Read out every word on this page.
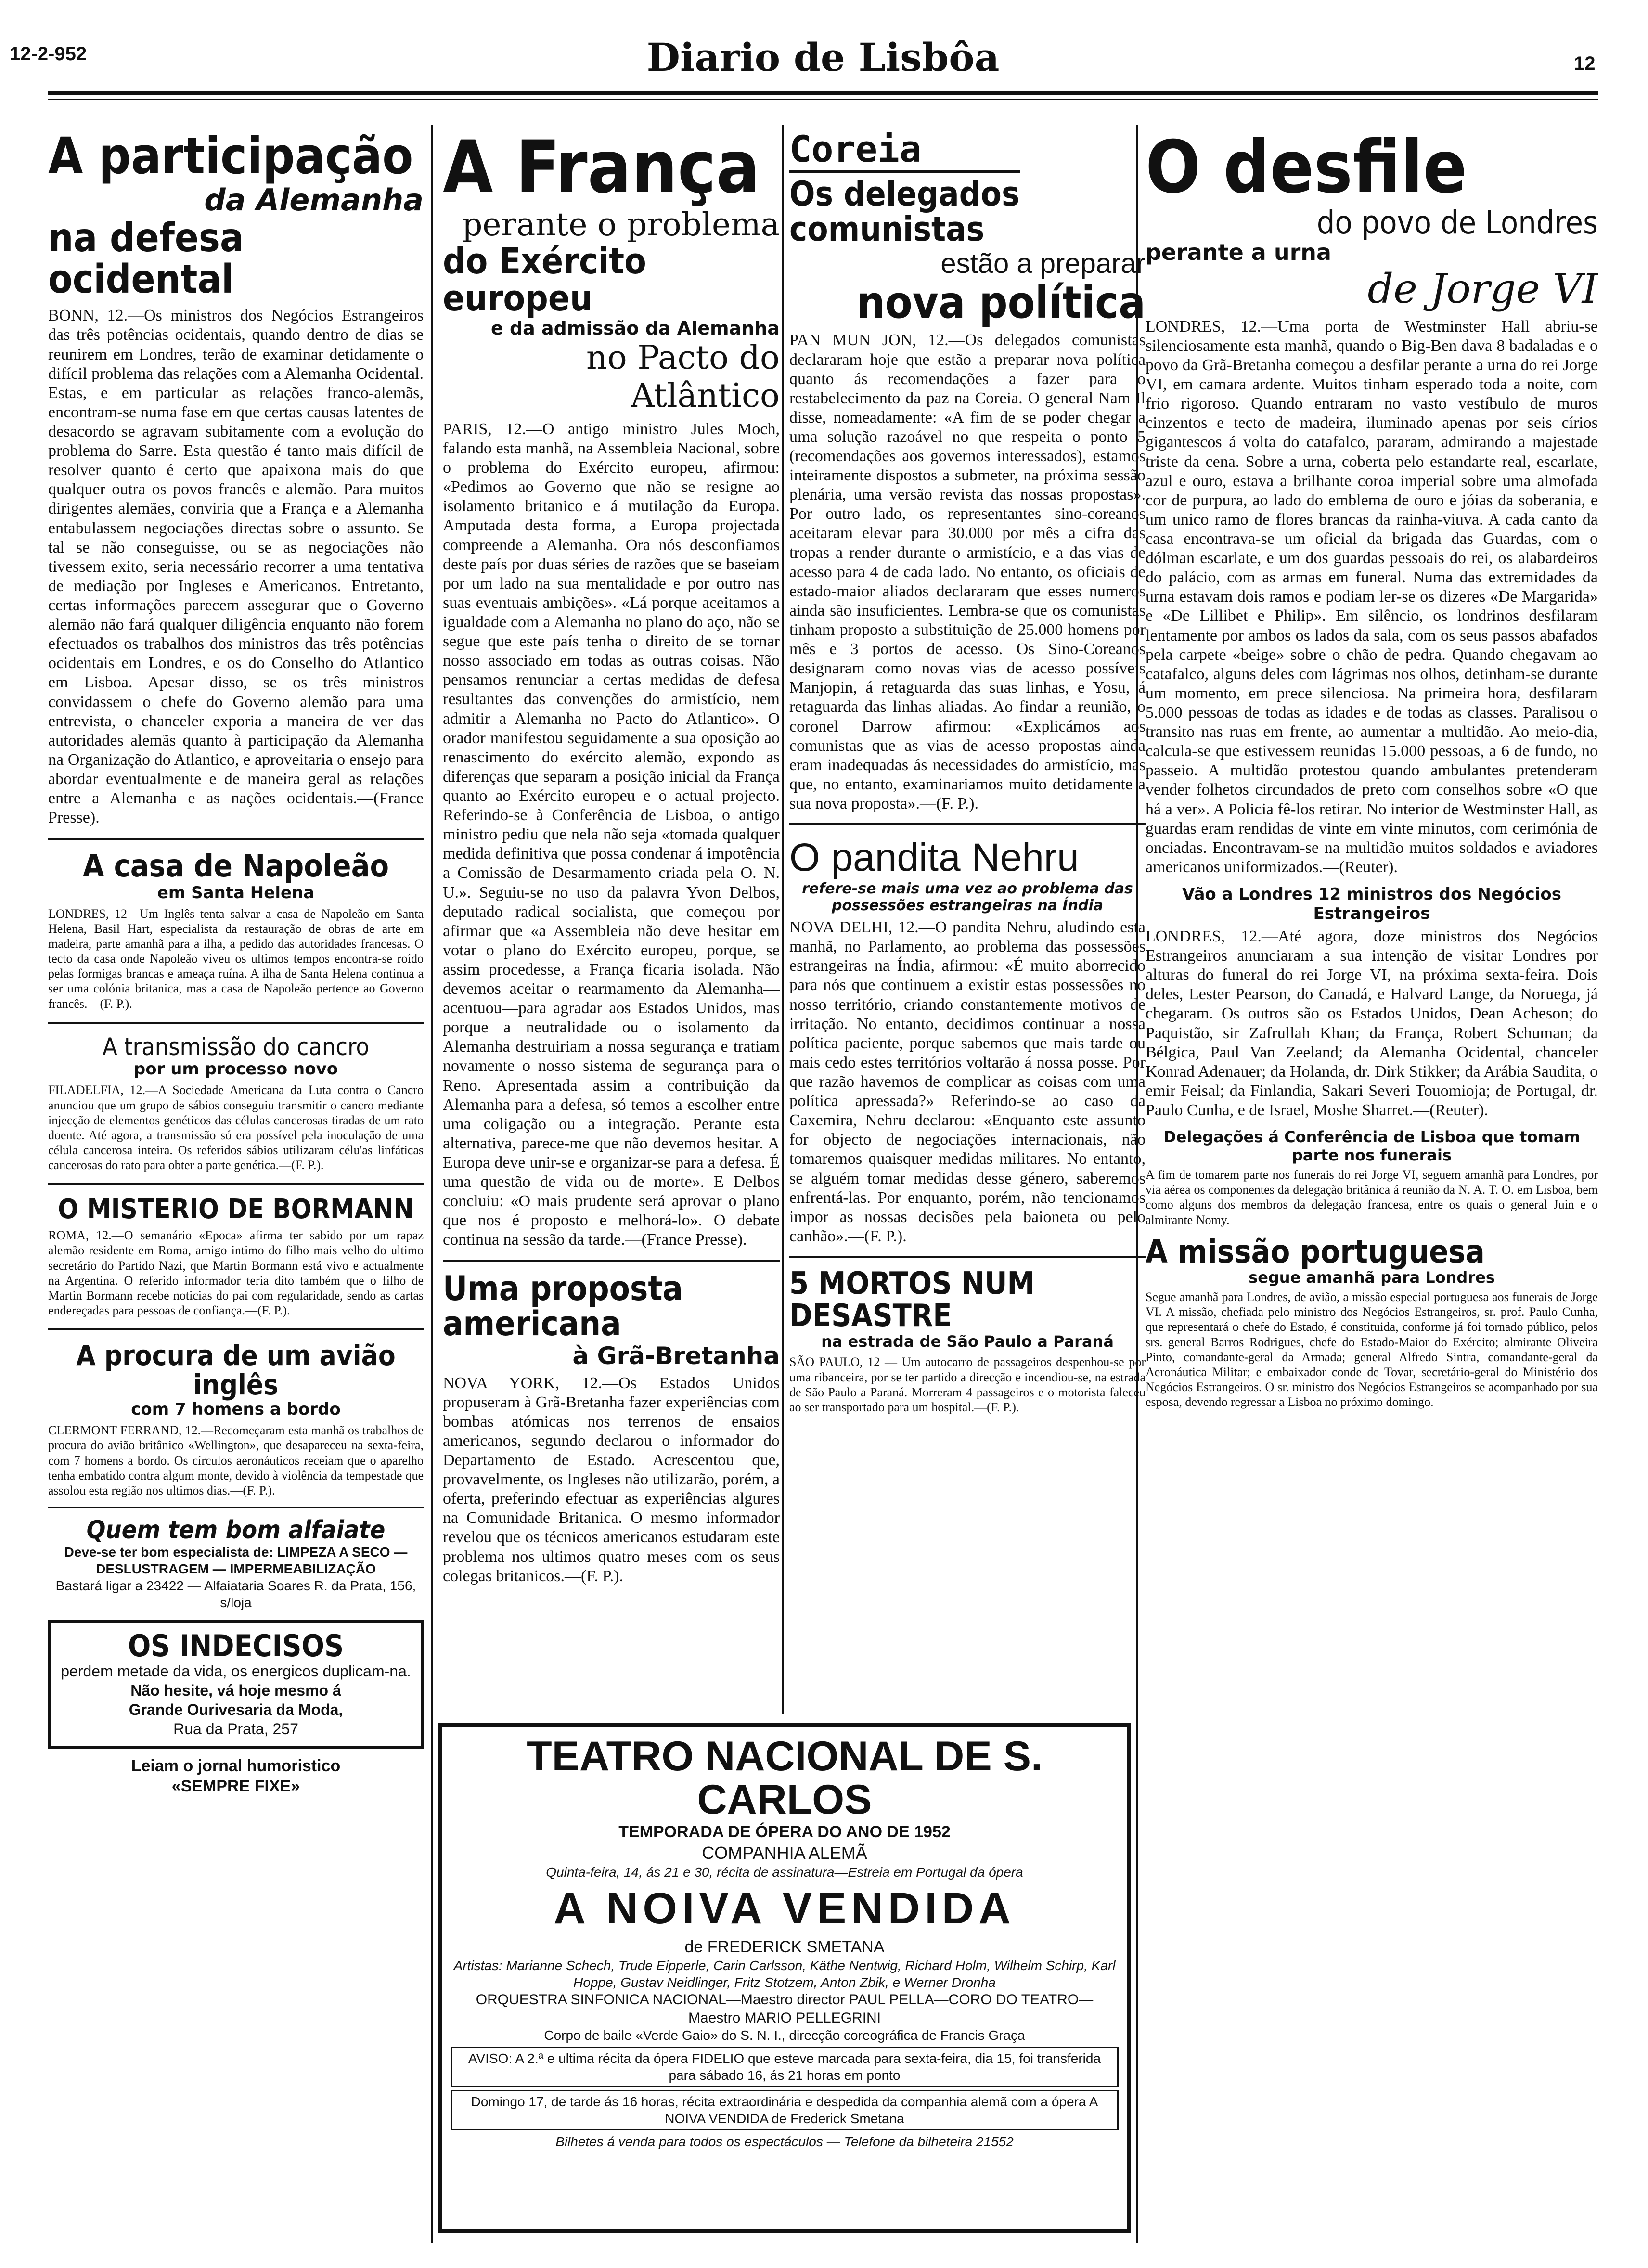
12-2-952	Diario de Lisbôa	12
A participação
da Alemanha
na defesa ocidental

BONN, 12.—Os ministros dos Negócios Estrangeiros das três potências ocidentais, quando dentro de dias se reunirem em Londres, terão de examinar detidamente o difícil problema das relações com a Alemanha Ocidental. Estas, e em particular as relações franco-alemãs, encontram-se numa fase em que certas causas latentes de desacordo se agravam subitamente com a evolução do problema do Sarre. Esta questão é tanto mais difícil de resolver quanto é certo que apaixona mais do que qualquer outra os povos francês e alemão. Para muitos dirigentes alemães, conviria que a França e a Alemanha entabulassem negociações directas sobre o assunto. Se tal se não conseguisse, ou se as negociações não tivessem exito, seria necessário recorrer a uma tentativa de mediação por Ingleses e Americanos. Entretanto, certas informações parecem assegurar que o Governo alemão não fará qualquer diligência enquanto não forem efectuados os trabalhos dos ministros das três potências ocidentais em Londres, e os do Conselho do Atlantico em Lisboa. Apesar disso, se os três ministros convidassem o chefe do Governo alemão para uma entrevista, o chanceler exporia a maneira de ver das autoridades alemãs quanto à participação da Alemanha na Organização do Atlantico, e aproveitaria o ensejo para abordar eventualmente e de maneira geral as relações entre a Alemanha e as nações ocidentais.—(France Presse).

A casa de Napoleão
em Santa Helena

LONDRES, 12—Um Inglês tenta salvar a casa de Napoleão em Santa Helena, Basil Hart, especialista da restauração de obras de arte em madeira, parte amanhã para a ilha, a pedido das autoridades francesas. O tecto da casa onde Napoleão viveu os ultimos tempos encontra-se roído pelas formigas brancas e ameaça ruína. A ilha de Santa Helena continua a ser uma colónia britanica, mas a casa de Napoleão pertence ao Governo francês.—(F. P.).

A transmissão do cancro
por um processo novo

FILADELFIA, 12.—A Sociedade Americana da Luta contra o Cancro anunciou que um grupo de sábios conseguiu transmitir o cancro mediante injecção de elementos genéticos das células cancerosas tiradas de um rato doente. Até agora, a transmissão só era possível pela inoculação de uma célula cancerosa inteira. Os referidos sábios utilizaram célu'as linfáticas cancerosas do rato para obter a parte genética.—(F. P.).

O MISTERIO DE BORMANN

ROMA, 12.—O semanário «Epoca» afirma ter sabido por um rapaz alemão residente em Roma, amigo intimo do filho mais velho do ultimo secretário do Partido Nazi, que Martin Bormann está vivo e actualmente na Argentina. O referido informador teria dito também que o filho de Martin Bormann recebe noticias do pai com regularidade, sendo as cartas endereçadas para pessoas de confiança.—(F. P.).

A procura de um avião inglês
com 7 homens a bordo

CLERMONT FERRAND, 12.—Recomeçaram esta manhã os trabalhos de procura do avião britânico «Wellington», que desapareceu na sexta-feira, com 7 homens a bordo. Os círculos aeronáuticos receiam que o aparelho tenha embatido contra algum monte, devido à violência da tempestade que assolou esta região nos ultimos dias.—(F. P.).

Quem tem bom alfaiate
Deve-se ter bom especialista de: LIMPEZA A SECO — DESLUSTRAGEM — IMPERMEABILIZAÇÃO
Bastará ligar a 23422 — Alfaiataria Soares R. da Prata, 156, s/loja
OS INDECISOS
perdem metade da vida, os energicos duplicam-na.
Não hesite, vá hoje mesmo á
Grande Ourivesaria da Moda,
Rua da Prata, 257
Leiam o jornal humoristico
«SEMPRE FIXE»
A França
perante o problema
do Exército europeu
e da admissão da Alemanha
no Pacto do Atlântico

PARIS, 12.—O antigo ministro Jules Moch, falando esta manhã, na Assembleia Nacional, sobre o problema do Exército europeu, afirmou: «Pedimos ao Governo que não se resigne ao isolamento britanico e á mutilação da Europa. Amputada desta forma, a Europa projectada compreende a Alemanha. Ora nós desconfiamos deste país por duas séries de razões que se baseiam por um lado na sua mentalidade e por outro nas suas eventuais ambições». «Lá porque aceitamos a igualdade com a Alemanha no plano do aço, não se segue que este país tenha o direito de se tornar nosso associado em todas as outras coisas. Não pensamos renunciar a certas medidas de defesa resultantes das convenções do armistício, nem admitir a Alemanha no Pacto do Atlantico». O orador manifestou seguidamente a sua oposição ao renascimento do exército alemão, expondo as diferenças que separam a posição inicial da França quanto ao Exército europeu e o actual projecto. Referindo-se à Conferência de Lisboa, o antigo ministro pediu que nela não seja «tomada qualquer medida definitiva que possa condenar á impotência a Comissão de Desarmamento criada pela O. N. U.». Seguiu-se no uso da palavra Yvon Delbos, deputado radical socialista, que começou por afirmar que «a Assembleia não deve hesitar em votar o plano do Exército europeu, porque, se assim procedesse, a França ficaria isolada. Não devemos aceitar o rearmamento da Alemanha—acentuou—para agradar aos Estados Unidos, mas porque a neutralidade ou o isolamento da Alemanha destruiriam a nossa segurança e tratiam novamente o nosso sistema de segurança para o Reno. Apresentada assim a contribuição da Alemanha para a defesa, só temos a escolher entre uma coligação ou a integração. Perante esta alternativa, parece-me que não devemos hesitar. A Europa deve unir-se e organizar-se para a defesa. É uma questão de vida ou de morte». E Delbos concluiu: «O mais prudente será aprovar o plano que nos é proposto e melhorá-lo». O debate continua na sessão da tarde.—(France Presse).

Uma proposta americana
à Grã-Bretanha

NOVA YORK, 12.—Os Estados Unidos propuseram à Grã-Bretanha fazer experiências com bombas atómicas nos terrenos de ensaios americanos, segundo declarou o informador do Departamento de Estado. Acrescentou que, provavelmente, os Ingleses não utilizarão, porém, a oferta, preferindo efectuar as experiências algures na Comunidade Britanica. O mesmo informador revelou que os técnicos americanos estudaram este problema nos ultimos quatro meses com os seus colegas britanicos.—(F. P.).

Coreia
Os delegados comunistas
estão a preparar
nova política

PAN MUN JON, 12.—Os delegados comunistas declararam hoje que estão a preparar nova política quanto ás recomendações a fazer para o restabelecimento da paz na Coreia. O general Nam Il disse, nomeadamente: «A fim de se poder chegar a uma solução razoável no que respeita o ponto 5 (recomendações aos governos interessados), estamos inteiramente dispostos a submeter, na próxima sessão plenária, uma versão revista das nossas propostas». Por outro lado, os representantes sino-coreanos aceitaram elevar para 30.000 por mês a cifra das tropas a render durante o armistício, e a das vias de acesso para 4 de cada lado. No entanto, os oficiais de estado-maior aliados declararam que esses numeros ainda são insuficientes. Lembra-se que os comunistas tinham proposto a substituição de 25.000 homens por mês e 3 portos de acesso. Os Sino-Coreanos designaram como novas vias de acesso possíveis Manjopin, á retaguarda das suas linhas, e Yosu, á retaguarda das linhas aliadas. Ao findar a reunião, o coronel Darrow afirmou: «Explicámos aos comunistas que as vias de acesso propostas ainda eram inadequadas ás necessidades do armistício, mas que, no entanto, examinariamos muito detidamente a sua nova proposta».—(F. P.).

O pandita Nehru
refere-se mais uma vez ao problema das possessões estrangeiras na Índia

NOVA DELHI, 12.—O pandita Nehru, aludindo esta manhã, no Parlamento, ao problema das possessões estrangeiras na Índia, afirmou: «É muito aborrecido para nós que continuem a existir estas possessões no nosso território, criando constantemente motivos de irritação. No entanto, decidimos continuar a nossa política paciente, porque sabemos que mais tarde ou mais cedo estes territórios voltarão á nossa posse. Por que razão havemos de complicar as coisas com uma política apressada?» Referindo-se ao caso da Caxemira, Nehru declarou: «Enquanto este assunto for objecto de negociações internacionais, não tomaremos quaisquer medidas militares. No entanto, se alguém tomar medidas desse género, saberemos enfrentá-las. Por enquanto, porém, não tencionamos impor as nossas decisões pela baioneta ou pelo canhão».—(F. P.).

5 MORTOS NUM DESASTRE
na estrada de São Paulo a Paraná

SÃO PAULO, 12 — Um autocarro de passageiros despenhou-se por uma ribanceira, por se ter partido a direcção e incendiou-se, na estrada de São Paulo a Paraná. Morreram 4 passageiros e o motorista faleceu ao ser transportado para um hospital.—(F. P.).

O desfile
do povo de Londres
perante a urna
de Jorge VI

LONDRES, 12.—Uma porta de Westminster Hall abriu-se silenciosamente esta manhã, quando o Big-Ben dava 8 badaladas e o povo da Grã-Bretanha começou a desfilar perante a urna do rei Jorge VI, em camara ardente. Muitos tinham esperado toda a noite, com frio rigoroso. Quando entraram no vasto vestíbulo de muros cinzentos e tecto de madeira, iluminado apenas por seis círios gigantescos á volta do catafalco, pararam, admirando a majestade triste da cena. Sobre a urna, coberta pelo estandarte real, escarlate, azul e ouro, estava a brilhante coroa imperial sobre uma almofada cor de purpura, ao lado do emblema de ouro e jóias da soberania, e um unico ramo de flores brancas da rainha-viuva. A cada canto da casa encontrava-se um oficial da brigada das Guardas, com o dólman escarlate, e um dos guardas pessoais do rei, os alabardeiros do palácio, com as armas em funeral. Numa das extremidades da urna estavam dois ramos e podiam ler-se os dizeres «De Margarida» e «De Lillibet e Philip». Em silêncio, os londrinos desfilaram lentamente por ambos os lados da sala, com os seus passos abafados pela carpete «beige» sobre o chão de pedra. Quando chegavam ao catafalco, alguns deles com lágrimas nos olhos, detinham-se durante um momento, em prece silenciosa. Na primeira hora, desfilaram 5.000 pessoas de todas as idades e de todas as classes. Paralisou o transito nas ruas em frente, ao aumentar a multidão. Ao meio-dia, calcula-se que estivessem reunidas 15.000 pessoas, a 6 de fundo, no passeio. A multidão protestou quando ambulantes pretenderam vender folhetos circundados de preto com conselhos sobre «O que há a ver». A Policia fê-los retirar. No interior de Westminster Hall, as guardas eram rendidas de vinte em vinte minutos, com cerimónia de onciadas. Encontravam-se na multidão muitos soldados e aviadores americanos uniformizados.—(Reuter).

Vão a Londres 12 ministros dos Negócios Estrangeiros

LONDRES, 12.—Até agora, doze ministros dos Negócios Estrangeiros anunciaram a sua intenção de visitar Londres por alturas do funeral do rei Jorge VI, na próxima sexta-feira. Dois deles, Lester Pearson, do Canadá, e Halvard Lange, da Noruega, já chegaram. Os outros são os Estados Unidos, Dean Acheson; do Paquistão, sir Zafrullah Khan; da França, Robert Schuman; da Bélgica, Paul Van Zeeland; da Alemanha Ocidental, chanceler Konrad Adenauer; da Holanda, dr. Dirk Stikker; da Arábia Saudita, o emir Feisal; da Finlandia, Sakari Severi Touomioja; de Portugal, dr. Paulo Cunha, e de Israel, Moshe Sharret.—(Reuter).

Delegações á Conferência de Lisboa que tomam parte nos funerais

A fim de tomarem parte nos funerais do rei Jorge VI, seguem amanhã para Londres, por via aérea os componentes da delegação britânica á reunião da N. A. T. O. em Lisboa, bem como alguns dos membros da delegação francesa, entre os quais o general Juin e o almirante Nomy.

A missão portuguesa
segue amanhã para Londres

Segue amanhã para Londres, de avião, a missão especial portuguesa aos funerais de Jorge VI. A missão, chefiada pelo ministro dos Negócios Estrangeiros, sr. prof. Paulo Cunha, que representará o chefe do Estado, é constituida, conforme já foi tornado público, pelos srs. general Barros Rodrigues, chefe do Estado-Maior do Exército; almirante Oliveira Pinto, comandante-geral da Armada; general Alfredo Sintra, comandante-geral da Aeronáutica Militar; e embaixador conde de Tovar, secretário-geral do Ministério dos Negócios Estrangeiros. O sr. ministro dos Negócios Estrangeiros se acompanhado por sua esposa, devendo regressar a Lisboa no próximo domingo.

TEATRO NACIONAL DE S. CARLOS
TEMPORADA DE ÓPERA DO ANO DE 1952
COMPANHIA ALEMÃ
Quinta-feira, 14, ás 21 e 30, récita de assinatura—Estreia em Portugal da ópera
A NOIVA VENDIDA
de FREDERICK SMETANA
Artistas: Marianne Schech, Trude Eipperle, Carin Carlsson, Käthe Nentwig, Richard Holm, Wilhelm Schirp, Karl Hoppe, Gustav Neidlinger, Fritz Stotzem, Anton Zbik, e Werner Dronha
ORQUESTRA SINFONICA NACIONAL—Maestro director PAUL PELLA—CORO DO TEATRO—Maestro MARIO PELLEGRINI
Corpo de baile «Verde Gaio» do S. N. I., direcção coreográfica de Francis Graça
AVISO: A 2.ª e ultima récita da ópera FIDELIO que esteve marcada para sexta-feira, dia 15, foi transferida para sábado 16, ás 21 horas em ponto
Domingo 17, de tarde ás 16 horas, récita extraordinária e despedida da companhia alemã com a ópera A NOIVA VENDIDA de Frederick Smetana
Bilhetes á venda para todos os espectáculos — Telefone da bilheteira 21552
